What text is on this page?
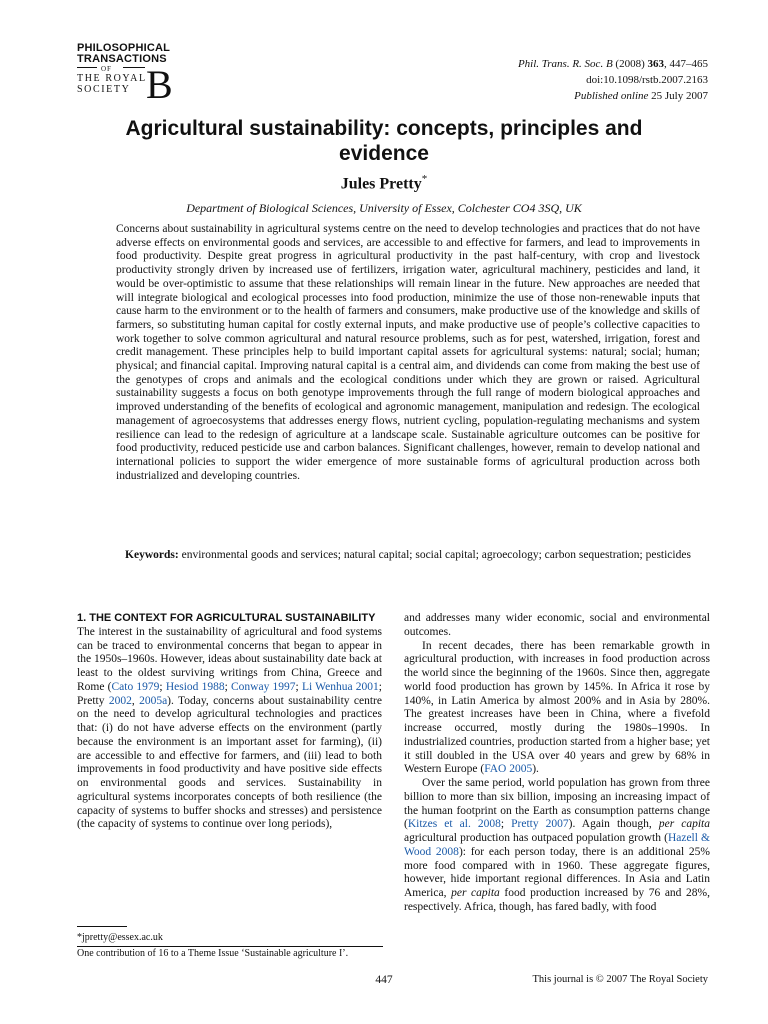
PHILOSOPHICAL
TRANSACTIONS
OF
THE ROYAL
SOCIETY B	Phil. Trans. R. Soc. B (2008) 363, 447–465
doi:10.1098/rstb.2007.2163
Published online 25 July 2007
Agricultural sustainability: concepts, principles and evidence
Jules Pretty*
Department of Biological Sciences, University of Essex, Colchester CO4 3SQ, UK
Concerns about sustainability in agricultural systems centre on the need to develop technologies and practices that do not have adverse effects on environmental goods and services, are accessible to and effective for farmers, and lead to improvements in food productivity. Despite great progress in agricultural productivity in the past half-century, with crop and livestock productivity strongly driven by increased use of fertilizers, irrigation water, agricultural machinery, pesticides and land, it would be over-optimistic to assume that these relationships will remain linear in the future. New approaches are needed that will integrate biological and ecological processes into food production, minimize the use of those non-renewable inputs that cause harm to the environment or to the health of farmers and consumers, make productive use of the knowledge and skills of farmers, so substituting human capital for costly external inputs, and make productive use of people’s collective capacities to work together to solve common agricultural and natural resource problems, such as for pest, watershed, irrigation, forest and credit management. These principles help to build important capital assets for agricultural systems: natural; social; human; physical; and financial capital. Improving natural capital is a central aim, and dividends can come from making the best use of the genotypes of crops and animals and the ecological conditions under which they are grown or raised. Agricultural sustainability suggests a focus on both genotype improvements through the full range of modern biological approaches and improved understanding of the benefits of ecological and agronomic management, manipulation and redesign. The ecological management of agroecosystems that addresses energy flows, nutrient cycling, population-regulating mechanisms and system resilience can lead to the redesign of agriculture at a landscape scale. Sustainable agriculture outcomes can be positive for food productivity, reduced pesticide use and carbon balances. Significant challenges, however, remain to develop national and international policies to support the wider emergence of more sustainable forms of agricultural production across both industrialized and developing countries.
Keywords: environmental goods and services; natural capital; social capital; agroecology; carbon sequestration; pesticides
1. THE CONTEXT FOR AGRICULTURAL SUSTAINABILITY

The interest in the sustainability of agricultural and food systems can be traced to environmental concerns that began to appear in the 1950s–1960s. However, ideas about sustainability date back at least to the oldest surviving writings from China, Greece and Rome (Cato 1979; Hesiod 1988; Conway 1997; Li Wenhua 2001; Pretty 2002, 2005a). Today, concerns about sustainability centre on the need to develop agricultural technologies and practices that: (i) do not have adverse effects on the environment (partly because the environment is an important asset for farming), (ii) are accessible to and effective for farmers, and (iii) lead to both improvements in food productivity and have positive side effects on environmental goods and services. Sustainability in agricultural systems incorporates concepts of both resilience (the capacity of systems to buffer shocks and stresses) and persistence (the capacity of systems to continue over long periods),

and addresses many wider economic, social and environmental outcomes.

In recent decades, there has been remarkable growth in agricultural production, with increases in food production across the world since the beginning of the 1960s. Since then, aggregate world food production has grown by 145%. In Africa it rose by 140%, in Latin America by almost 200% and in Asia by 280%. The greatest increases have been in China, where a fivefold increase occurred, mostly during the 1980s–1990s. In industrialized countries, production started from a higher base; yet it still doubled in the USA over 40 years and grew by 68% in Western Europe (FAO 2005).

Over the same period, world population has grown from three billion to more than six billion, imposing an increasing impact of the human footprint on the Earth as consumption patterns change (Kitzes et al. 2008; Pretty 2007). Again though, per capita agricultural production has outpaced population growth (Hazell & Wood 2008): for each person today, there is an additional 25% more food compared with in 1960. These aggregate figures, however, hide important regional differences. In Asia and Latin America, per capita food production increased by 76 and 28%, respectively. Africa, though, has fared badly, with food

*jpretty@essex.ac.uk
One contribution of 16 to a Theme Issue ‘Sustainable agriculture I’.
447	This journal is © 2007 The Royal Society
